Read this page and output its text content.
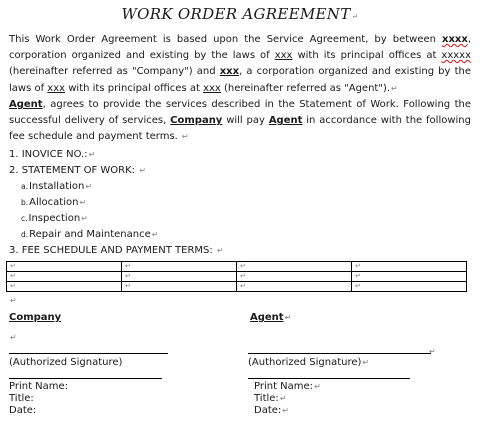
WORK ORDER AGREEMENT↵
This Work Order Agreement is based upon the Service Agreement, by between xxxx, corporation organized and existing by the laws of xxx with its principal offices at xxxxx (hereinafter referred as "Company") and xxx, a corporation organized and existing by the laws of xxx with its principal offices at xxx (hereinafter referred as "Agent").↵
Agent, agrees to provide the services described in the Statement of Work. Following the successful delivery of services, Company will pay Agent in accordance with the following fee schedule and payment terms. ↵
1. INOVICE NO.:↵
2. STATEMENT OF WORK: ↵
a.Installation↵
b.Allocation↵
c.Inspection↵
d.Repair and Maintenance↵
3. FEE SCHEDULE AND PAYMENT TERMS: ↵
↵	↵	↵	↵
↵	↵	↵	↵
↵	↵	↵	↵
↵
Company
↵
(Authorized Signature)
Print Name:
Title:
Date:
Agent↵
↵
(Authorized Signature)↵
Print Name:↵
Title:↵
Date:↵
